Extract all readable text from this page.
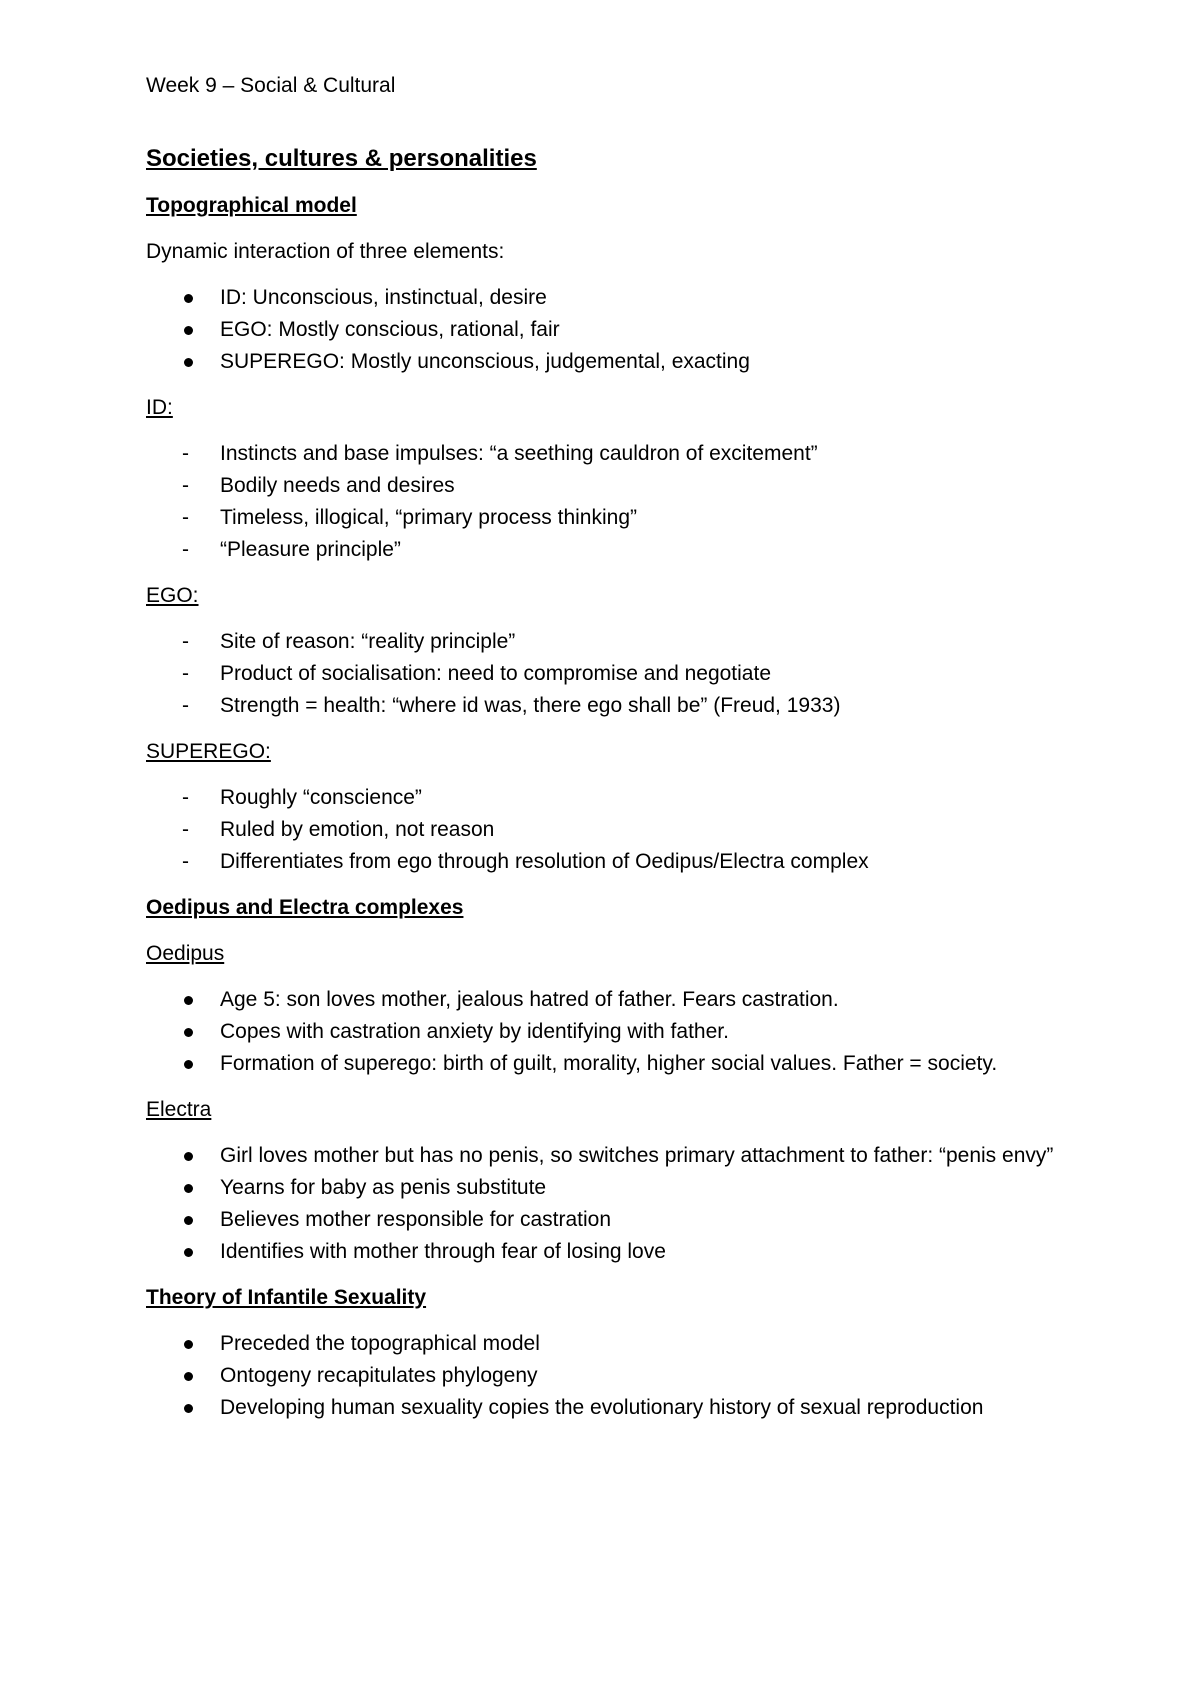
Week 9 – Social & Cultural

Societies, cultures & personalities

Topographical model

Dynamic interaction of three elements:

ID: Unconscious, instinctual, desire
EGO: Mostly conscious, rational, fair
SUPEREGO: Mostly unconscious, judgemental, exacting

ID:

-
Instincts and base impulses: “a seething cauldron of excitement”
-
Bodily needs and desires
-
Timeless, illogical, “primary process thinking”
-
“Pleasure principle”

EGO:

-
Site of reason: “reality principle”
-
Product of socialisation: need to compromise and negotiate
-
Strength = health: “where id was, there ego shall be” (Freud, 1933)

SUPEREGO:

-
Roughly “conscience”
-
Ruled by emotion, not reason
-
Differentiates from ego through resolution of Oedipus/Electra complex

Oedipus and Electra complexes

Oedipus

Age 5: son loves mother, jealous hatred of father. Fears castration.
Copes with castration anxiety by identifying with father.
Formation of superego: birth of guilt, morality, higher social values. Father = society.

Electra

Girl loves mother but has no penis, so switches primary attachment to father: “penis envy”
Yearns for baby as penis substitute
Believes mother responsible for castration
Identifies with mother through fear of losing love

Theory of Infantile Sexuality

Preceded the topographical model
Ontogeny recapitulates phylogeny
Developing human sexuality copies the evolutionary history of sexual reproduction
